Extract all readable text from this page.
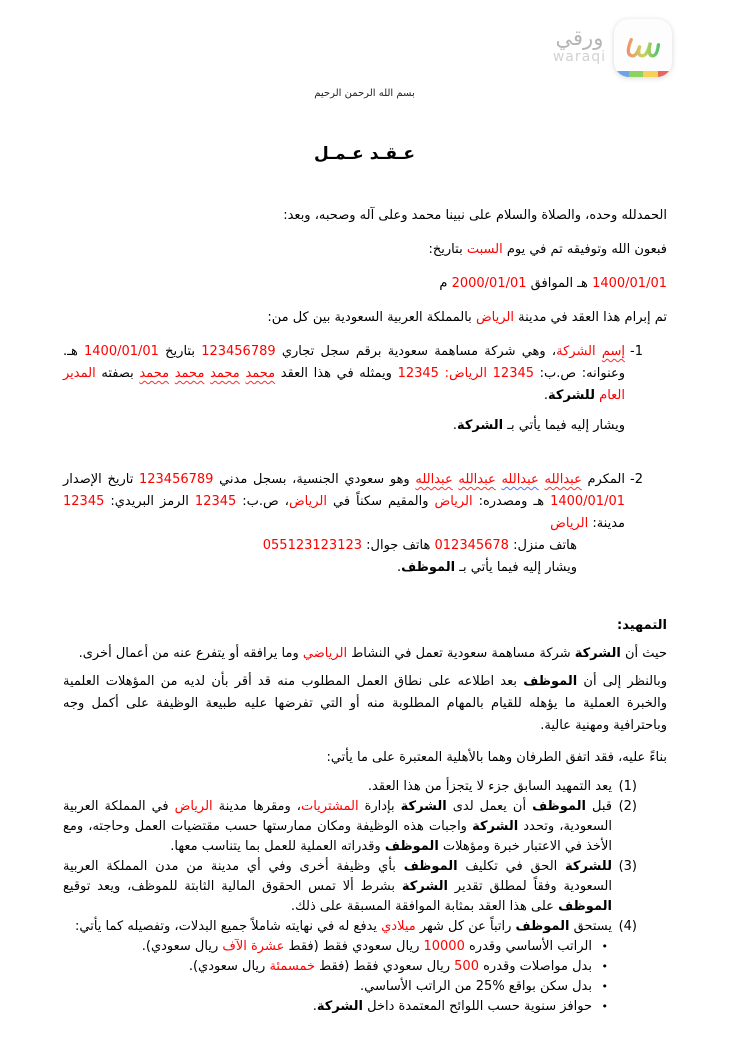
ورقي
waraqi
بسم الله الرحمن الرحيم
عـقـد عـمـل

الحمدلله وحده، والصلاة والسلام على نبينا محمد وعلى آله وصحبه، وبعد:

فبعون الله وتوفيقه تم في يوم السبت بتاريخ:

1400/01/01 هـ الموافق 2000/01/01 م

تم إبرام هذا العقد في مدينة الرياض بالمملكة العربية السعودية بين كل من:

1-
إسم الشركة، وهي شركة مساهمة سعودية برقم سجل تجاري 123456789 بتاريخ 1400/01/01 هـ. وعنوانه: ص.ب: 12345 الرياض: 12345 ويمثله في هذا العقد محمد محمد محمد محمد بصفته المدير العام للشركة.

ويشار إليه فيما يأتي بـ الشركة.

2-
المكرم عبدالله عبدالله عبدالله عبدالله وهو سعودي الجنسية، بسجل مدني 123456789 تاريخ الإصدار 1400/01/01 هـ ومصدره: الرياض والمقيم سكناً في الرياض، ص.ب: 12345 الرمز البريدي: 12345 مدينة: الرياض

هاتف منزل: 012345678 هاتف جوال: 055123123123

ويشار إليه فيما يأتي بـ الموظف.

التمهيد:

حيث أن الشركة شركة مساهمة سعودية تعمل في النشاط الرياضي وما يرافقه أو يتفرع عنه من أعمال أخرى.

وبالنظر إلى أن الموظف بعد اطلاعه على نطاق العمل المطلوب منه قد أقر بأن لديه من المؤهلات العلمية والخبرة العملية ما يؤهله للقيام بالمهام المطلوبة منه أو التي تفرضها عليه طبيعة الوظيفة على أكمل وجه وباحترافية ومهنية عالية.

بناءً عليه، فقد اتفق الطرفان وهما بالأهلية المعتبرة على ما يأتي:

(1)
يعد التمهيد السابق جزء لا يتجزأ من هذا العقد.
(2)
قبل الموظف أن يعمل لدى الشركة بإدارة المشتريات، ومقرها مدينة الرياض في المملكة العربية السعودية، وتحدد الشركة واجبات هذه الوظيفة ومكان ممارستها حسب مقتضيات العمل وحاجته، ومع الأخذ في الاعتبار خبرة ومؤهلات الموظف وقدراته العملية للعمل بما يتناسب معها.
(3)
للشركة الحق في تكليف الموظف بأي وظيفة أخرى وفي أي مدينة من مدن المملكة العربية السعودية وفقاً لمطلق تقدير الشركة بشرط ألا تمس الحقوق المالية الثابتة للموظف، ويعد توقيع الموظف على هذا العقد بمثابة الموافقة المسبقة على ذلك.
(4)
يستحق الموظف راتباً عن كل شهر ميلادي يدفع له في نهايته شاملاً جميع البدلات، وتفصيله كما يأتي:
•
الراتب الأساسي وقدره 10000 ريال سعودي فقط (فقط عشرة الآف ريال سعودي).
•
بدل مواصلات وقدره 500 ريال سعودي فقط (فقط خمسمئة ريال سعودي).
•
بدل سكن بواقع %25 من الراتب الأساسي.
•
حوافز سنوية حسب اللوائح المعتمدة داخل الشركة.
